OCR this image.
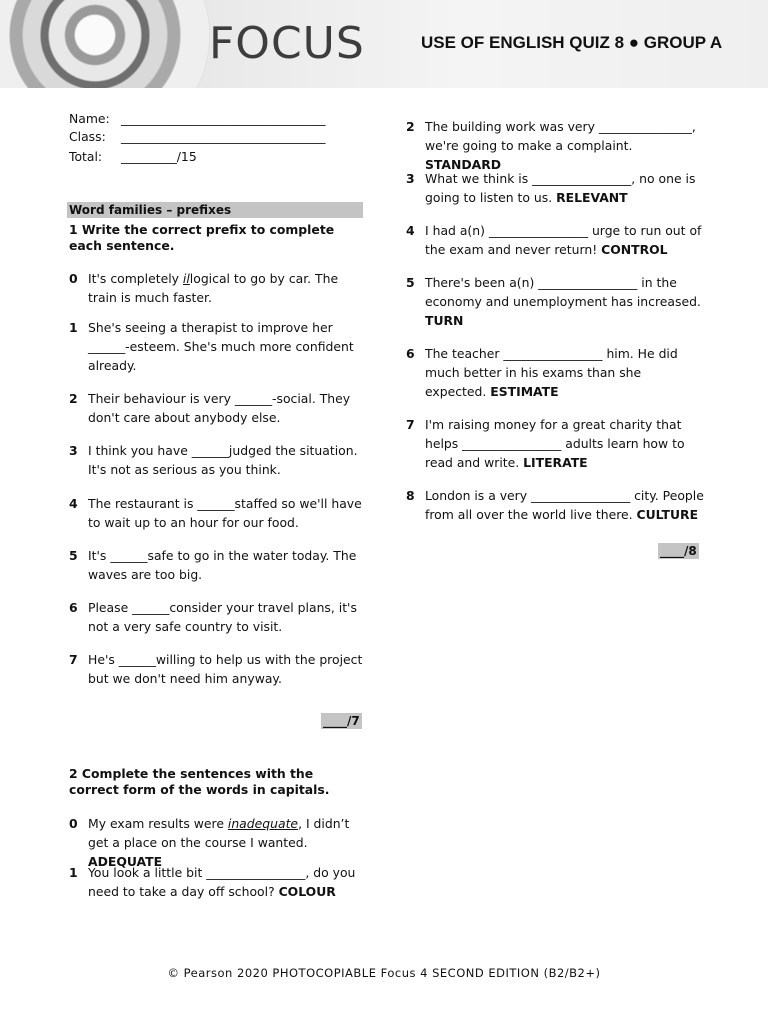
FOCUS	USE OF ENGLISH QUIZ 8 ● GROUP A
Name: _________________________________
Class: _________________________________
Total: _________/15
Word families – prefixes
1 Write the correct prefix to complete each sentence.
0 It's completely illogical to go by car. The train is much faster.
1 She's seeing a therapist to improve her ______-esteem. She's much more confident already.
2 Their behaviour is very ______-social. They don't care about anybody else.
3 I think you have ______judged the situation. It's not as serious as you think.
4 The restaurant is ______staffed so we'll have to wait up to an hour for our food.
5 It's ______safe to go in the water today. The waves are too big.
6 Please ______consider your travel plans, it's not a very safe country to visit.
7 He's ______willing to help us with the project but we don't need him anyway.
____/7
2 Complete the sentences with the correct form of the words in capitals.
0 My exam results were inadequate, I didn’t get a place on the course I wanted. ADEQUATE
1 You look a little bit ________________, do you need to take a day off school? COLOUR
2 The building work was very _______________, we're going to make a complaint. STANDARD
3 What we think is ________________, no one is going to listen to us. RELEVANT
4 I had a(n) ________________ urge to run out of the exam and never return! CONTROL
5 There's been a(n) ________________ in the economy and unemployment has increased. TURN
6 The teacher ________________ him. He did much better in his exams than she expected. ESTIMATE
7 I'm raising money for a great charity that helps ________________ adults learn how to read and write. LITERATE
8 London is a very ________________ city. People from all over the world live there. CULTURE
____/8
© Pearson 2020 PHOTOCOPIABLE Focus 4 SECOND EDITION (B2/B2+)
